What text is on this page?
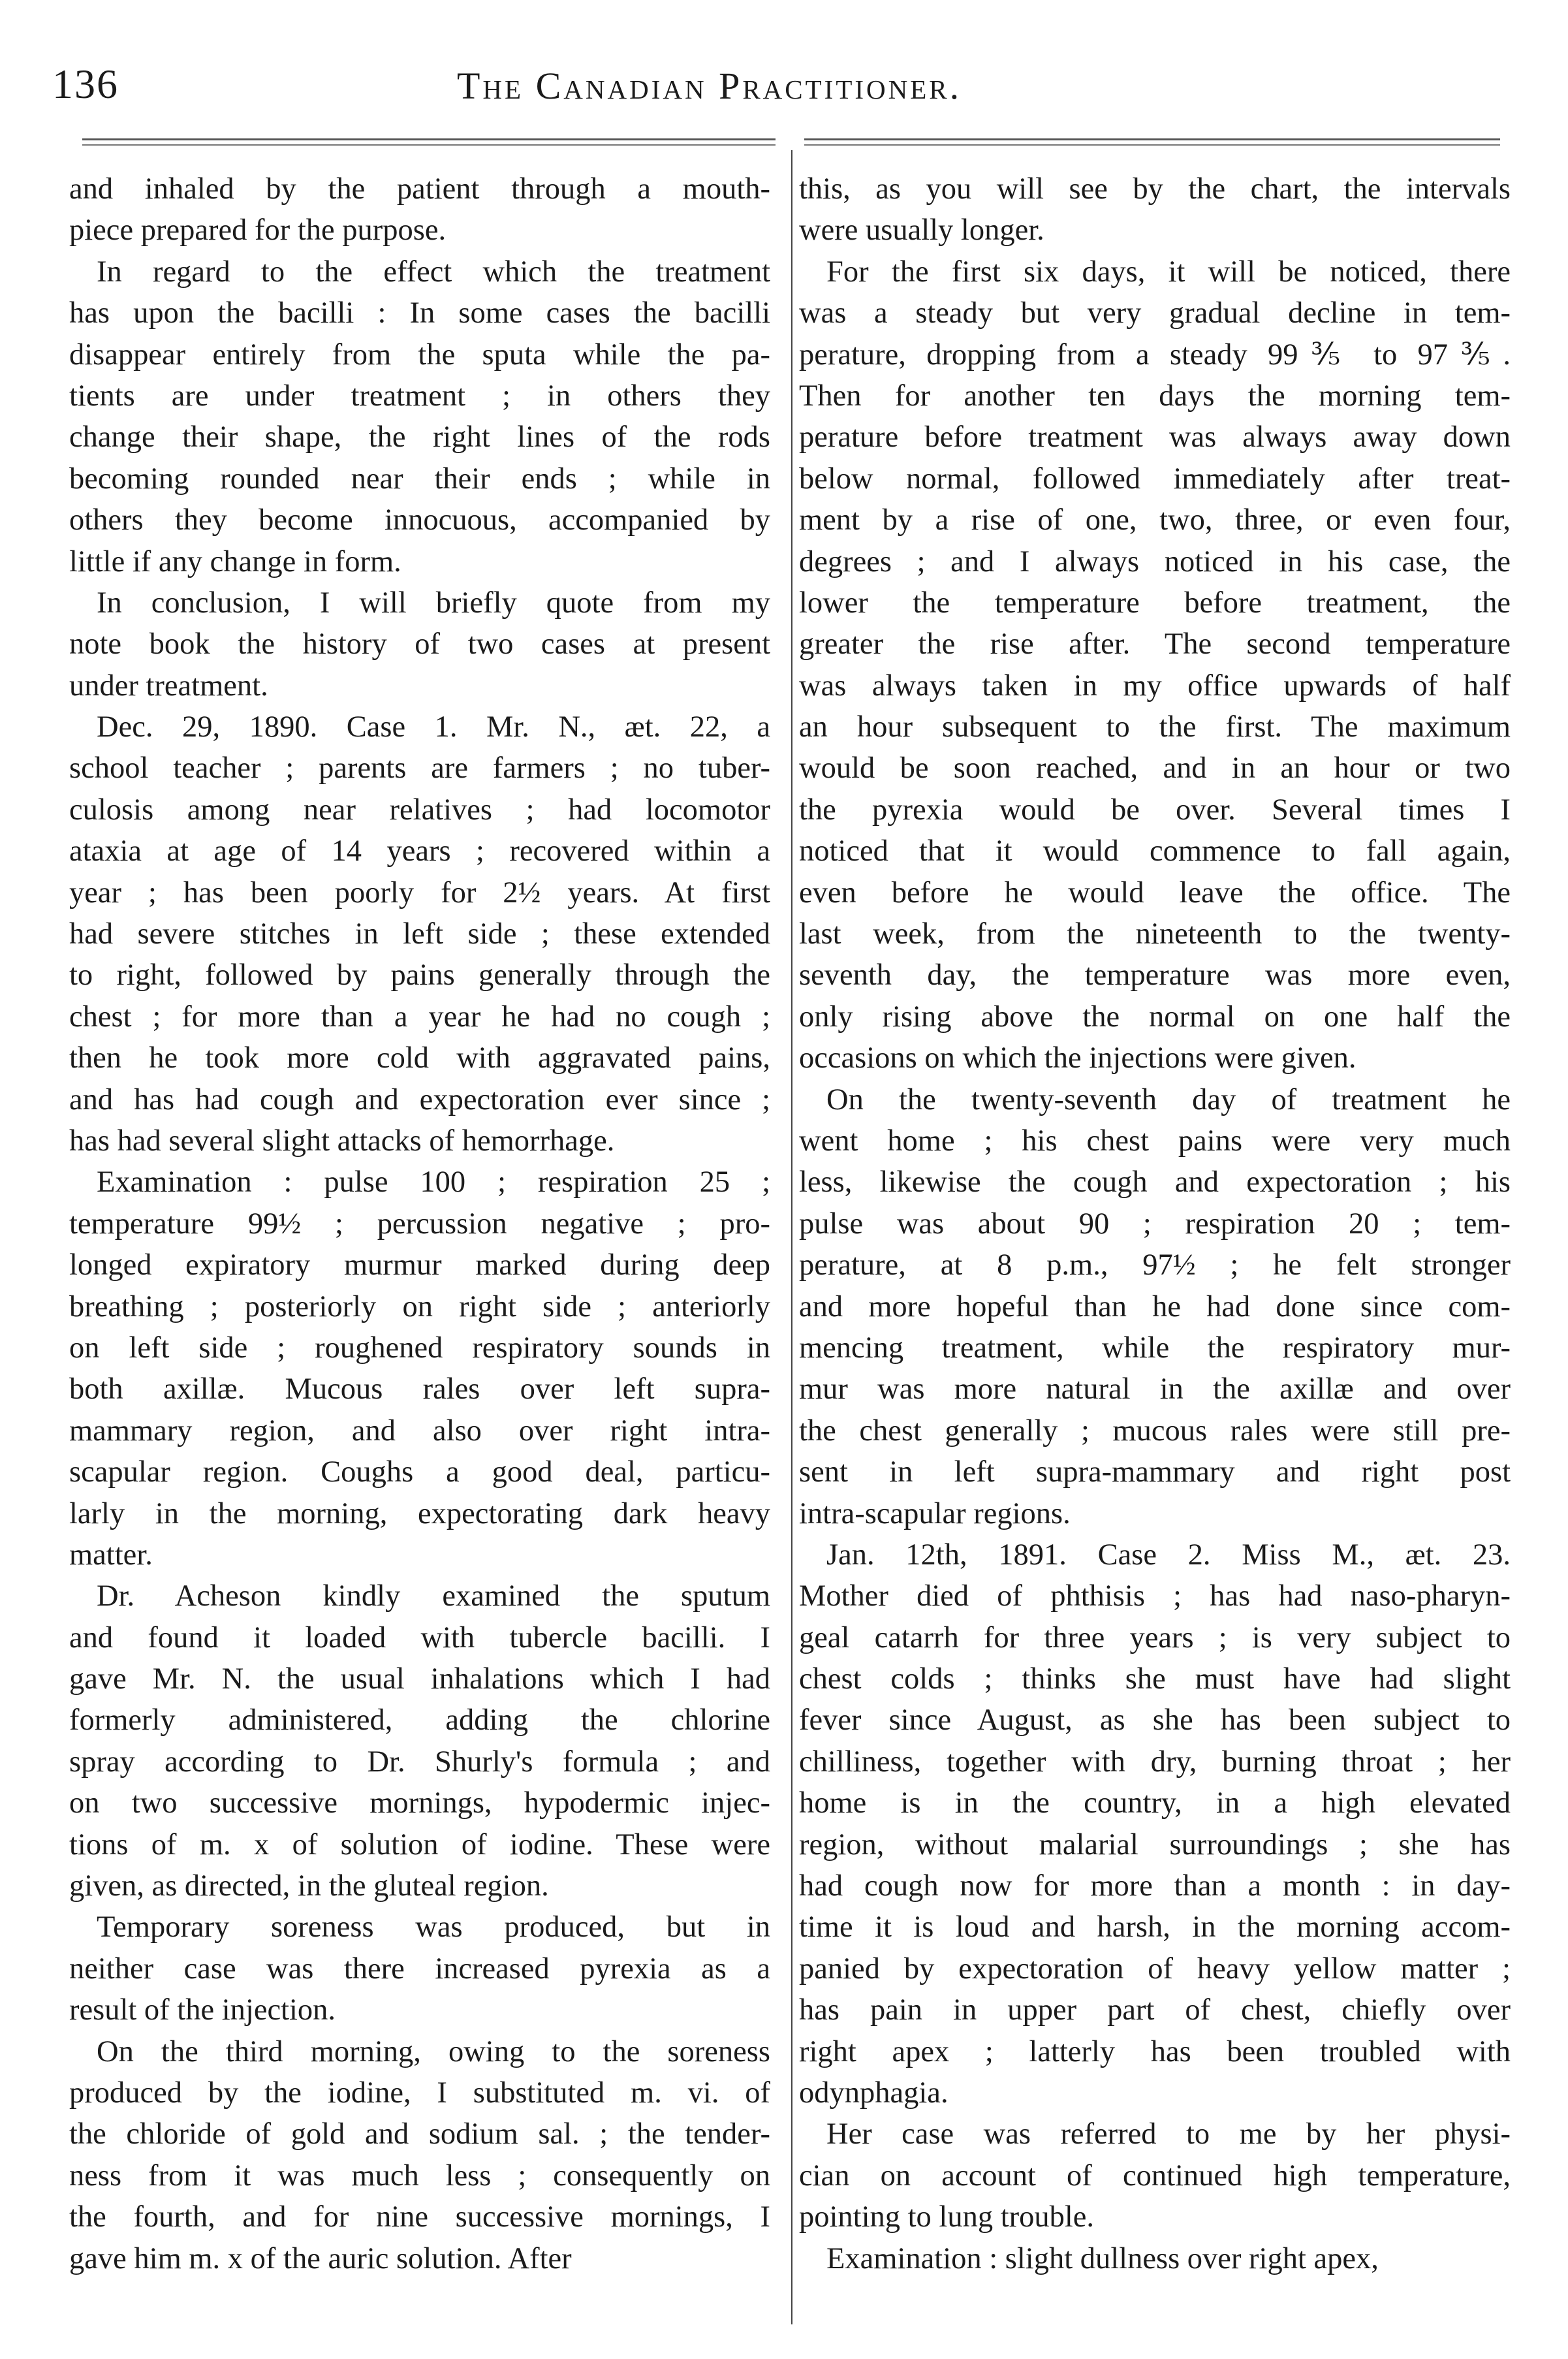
136	The Canadian Practitioner.
and inhaled by the patient through a mouth-
piece prepared for the purpose.
In regard to the effect which the treatment
has upon the bacilli : In some cases the bacilli
disappear entirely from the sputa while the pa-
tients are under treatment ; in others they
change their shape, the right lines of the rods
becoming rounded near their ends ; while in
others they become innocuous, accompanied by
little if any change in form.
In conclusion, I will briefly quote from my
note book the history of two cases at present
under treatment.
Dec. 29, 1890. Case 1. Mr. N., æt. 22, a
school teacher ; parents are farmers ; no tuber-
culosis among near relatives ; had locomotor
ataxia at age of 14 years ; recovered within a
year ; has been poorly for 2½ years. At first
had severe stitches in left side ; these extended
to right, followed by pains generally through the
chest ; for more than a year he had no cough ;
then he took more cold with aggravated pains,
and has had cough and expectoration ever since ;
has had several slight attacks of hemorrhage.
Examination : pulse 100 ; respiration 25 ;
temperature 99½ ; percussion negative ; pro-
longed expiratory murmur marked during deep
breathing ; posteriorly on right side ; anteriorly
on left side ; roughened respiratory sounds in
both axillæ. Mucous rales over left supra-
mammary region, and also over right intra-
scapular region. Coughs a good deal, particu-
larly in the morning, expectorating dark heavy
matter.
Dr. Acheson kindly examined the sputum
and found it loaded with tubercle bacilli. I
gave Mr. N. the usual inhalations which I had
formerly administered, adding the chlorine
spray according to Dr. Shurly's formula ; and
on two successive mornings, hypodermic injec-
tions of m. x of solution of iodine. These were
given, as directed, in the gluteal region.
Temporary soreness was produced, but in
neither case was there increased pyrexia as a
result of the injection.
On the third morning, owing to the soreness
produced by the iodine, I substituted m. vi. of
the chloride of gold and sodium sal. ; the tender-
ness from it was much less ; consequently on
the fourth, and for nine successive mornings, I
gave him m. x of the auric solution. After
this, as you will see by the chart, the intervals
were usually longer.
For the first six days, it will be noticed, there
was a steady but very gradual decline in tem-
perature, dropping from a steady 99⅗ to 97⅗.
Then for another ten days the morning tem-
perature before treatment was always away down
below normal, followed immediately after treat-
ment by a rise of one, two, three, or even four,
degrees ; and I always noticed in his case, the
lower the temperature before treatment, the
greater the rise after. The second temperature
was always taken in my office upwards of half
an hour subsequent to the first. The maximum
would be soon reached, and in an hour or two
the pyrexia would be over. Several times I
noticed that it would commence to fall again,
even before he would leave the office. The
last week, from the nineteenth to the twenty-
seventh day, the temperature was more even,
only rising above the normal on one half the
occasions on which the injections were given.
On the twenty-seventh day of treatment he
went home ; his chest pains were very much
less, likewise the cough and expectoration ; his
pulse was about 90 ; respiration 20 ; tem-
perature, at 8 p.m., 97½ ; he felt stronger
and more hopeful than he had done since com-
mencing treatment, while the respiratory mur-
mur was more natural in the axillæ and over
the chest generally ; mucous rales were still pre-
sent in left supra-mammary and right post
intra-scapular regions.
Jan. 12th, 1891. Case 2. Miss M., æt. 23.
Mother died of phthisis ; has had naso-pharyn-
geal catarrh for three years ; is very subject to
chest colds ; thinks she must have had slight
fever since August, as she has been subject to
chilliness, together with dry, burning throat ; her
home is in the country, in a high elevated
region, without malarial surroundings ; she has
had cough now for more than a month : in day-
time it is loud and harsh, in the morning accom-
panied by expectoration of heavy yellow matter ;
has pain in upper part of chest, chiefly over
right apex ; latterly has been troubled with
odynphagia.
Her case was referred to me by her physi-
cian on account of continued high temperature,
pointing to lung trouble.
Examination : slight dullness over right apex,
